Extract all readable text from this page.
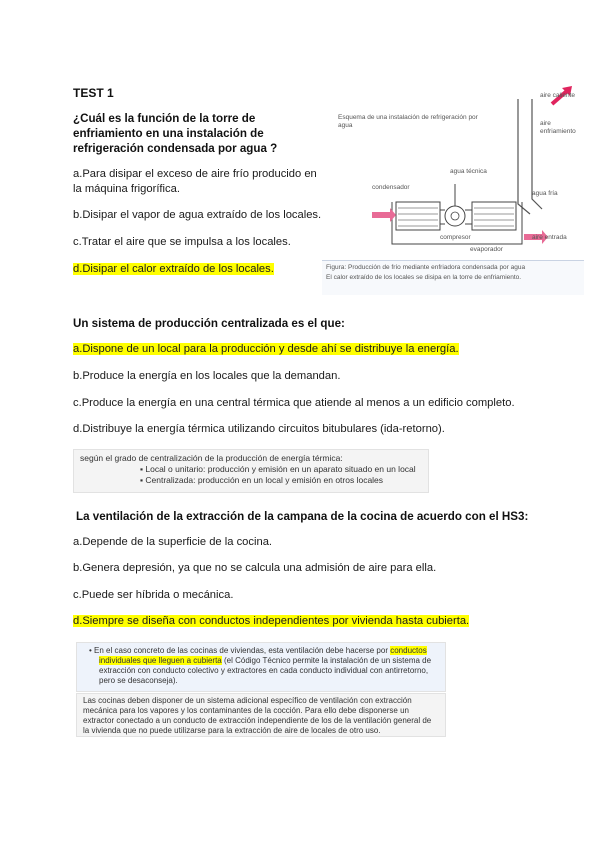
TEST 1
¿Cuál es la función de la torre de enfriamiento en una instalación de refrigeración condensada por agua ?
a.Para disipar el exceso de aire frío producido en la máquina frigorífica.
b.Disipar el vapor de agua extraído de los locales.
c.Tratar el aire que se impulsa a los locales.
d.Disipar el calor extraído de los locales.
Esquema de una instalación de refrigeración por agua
aire caliente
aire enfriamiento
agua técnica
agua fría
compresor
condensador
evaporador
aire entrada
Figura: Producción de frío mediante enfriadora condensada por agua
El calor extraído de los locales se disipa en la torre de enfriamiento.
Un sistema de producción centralizada es el que:
a.Dispone de un local para la producción y desde ahí se distribuye la energía.
b.Produce la energía en los locales que la demandan.
c.Produce la energía en una central térmica que atiende al menos a un edificio completo.
d.Distribuye la energía térmica utilizando circuitos bitubulares (ida-retorno).
según el grado de centralización de la producción de energía térmica:
▪ Local o unitario: producción y emisión en un aparato situado en un local
▪ Centralizada: producción en un local y emisión en otros locales
La ventilación de la extracción de la campana de la cocina de acuerdo con el HS3:
a.Depende de la superficie de la cocina.
b.Genera depresión, ya que no se calcula una admisión de aire para ella.
c.Puede ser híbrida o mecánica.
d.Siempre se diseña con conductos independientes por vivienda hasta cubierta.
• En el caso concreto de las cocinas de viviendas, esta ventilación debe hacerse por conductos individuales que lleguen a cubierta (el Código Técnico permite la instalación de un sistema de extracción con conducto colectivo y extractores en cada conducto individual con antirretorno, pero se desaconseja).
Las cocinas deben disponer de un sistema adicional específico de ventilación con extracción mecánica para los vapores y los contaminantes de la cocción. Para ello debe disponerse un extractor conectado a un conducto de extracción independiente de los de la ventilación general de la vivienda que no puede utilizarse para la extracción de aire de locales de otro uso.
